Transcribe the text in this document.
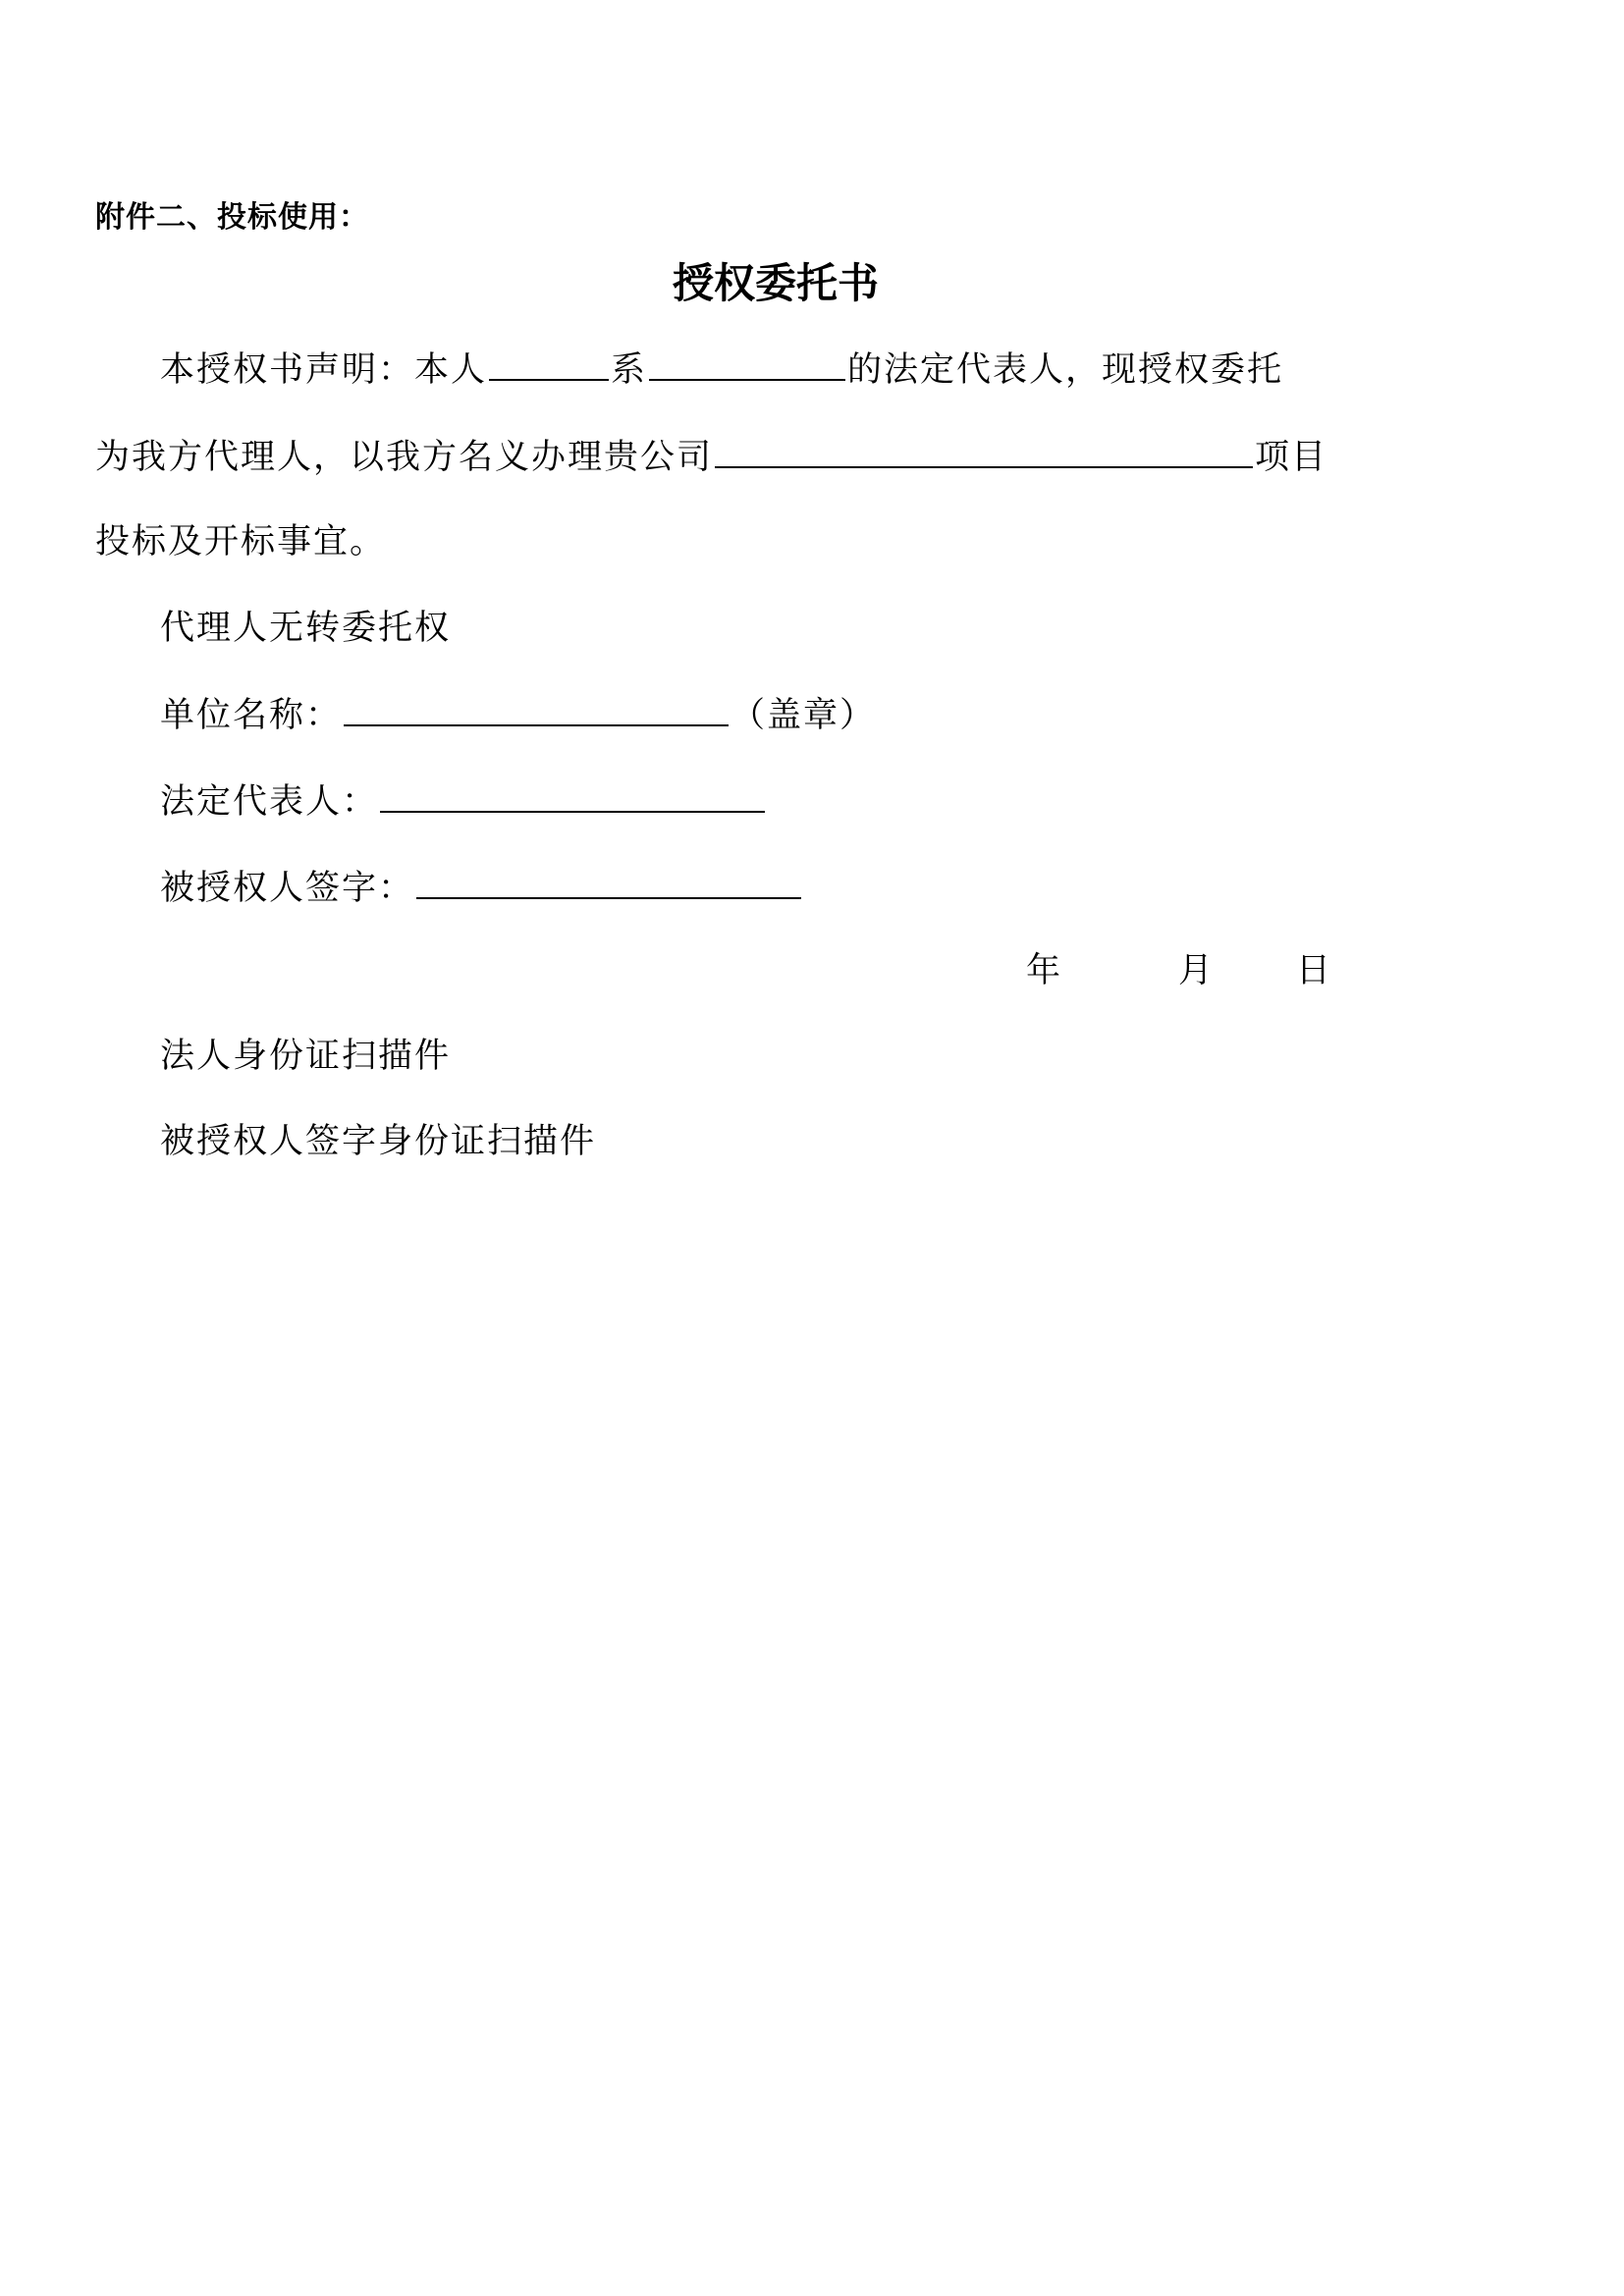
附件二、投标使用：
授权委托书
本授权书声明：本人	系	的法定代表人，现授权委托
为我方代理人，以我方名义办理贵公司	项目
投标及开标事宜。
代理人无转委托权
单位名称：	（盖章）
法定代表人：
被授权人签字：
年	月 日
法人身份证扫描件
被授权人签字身份证扫描件
